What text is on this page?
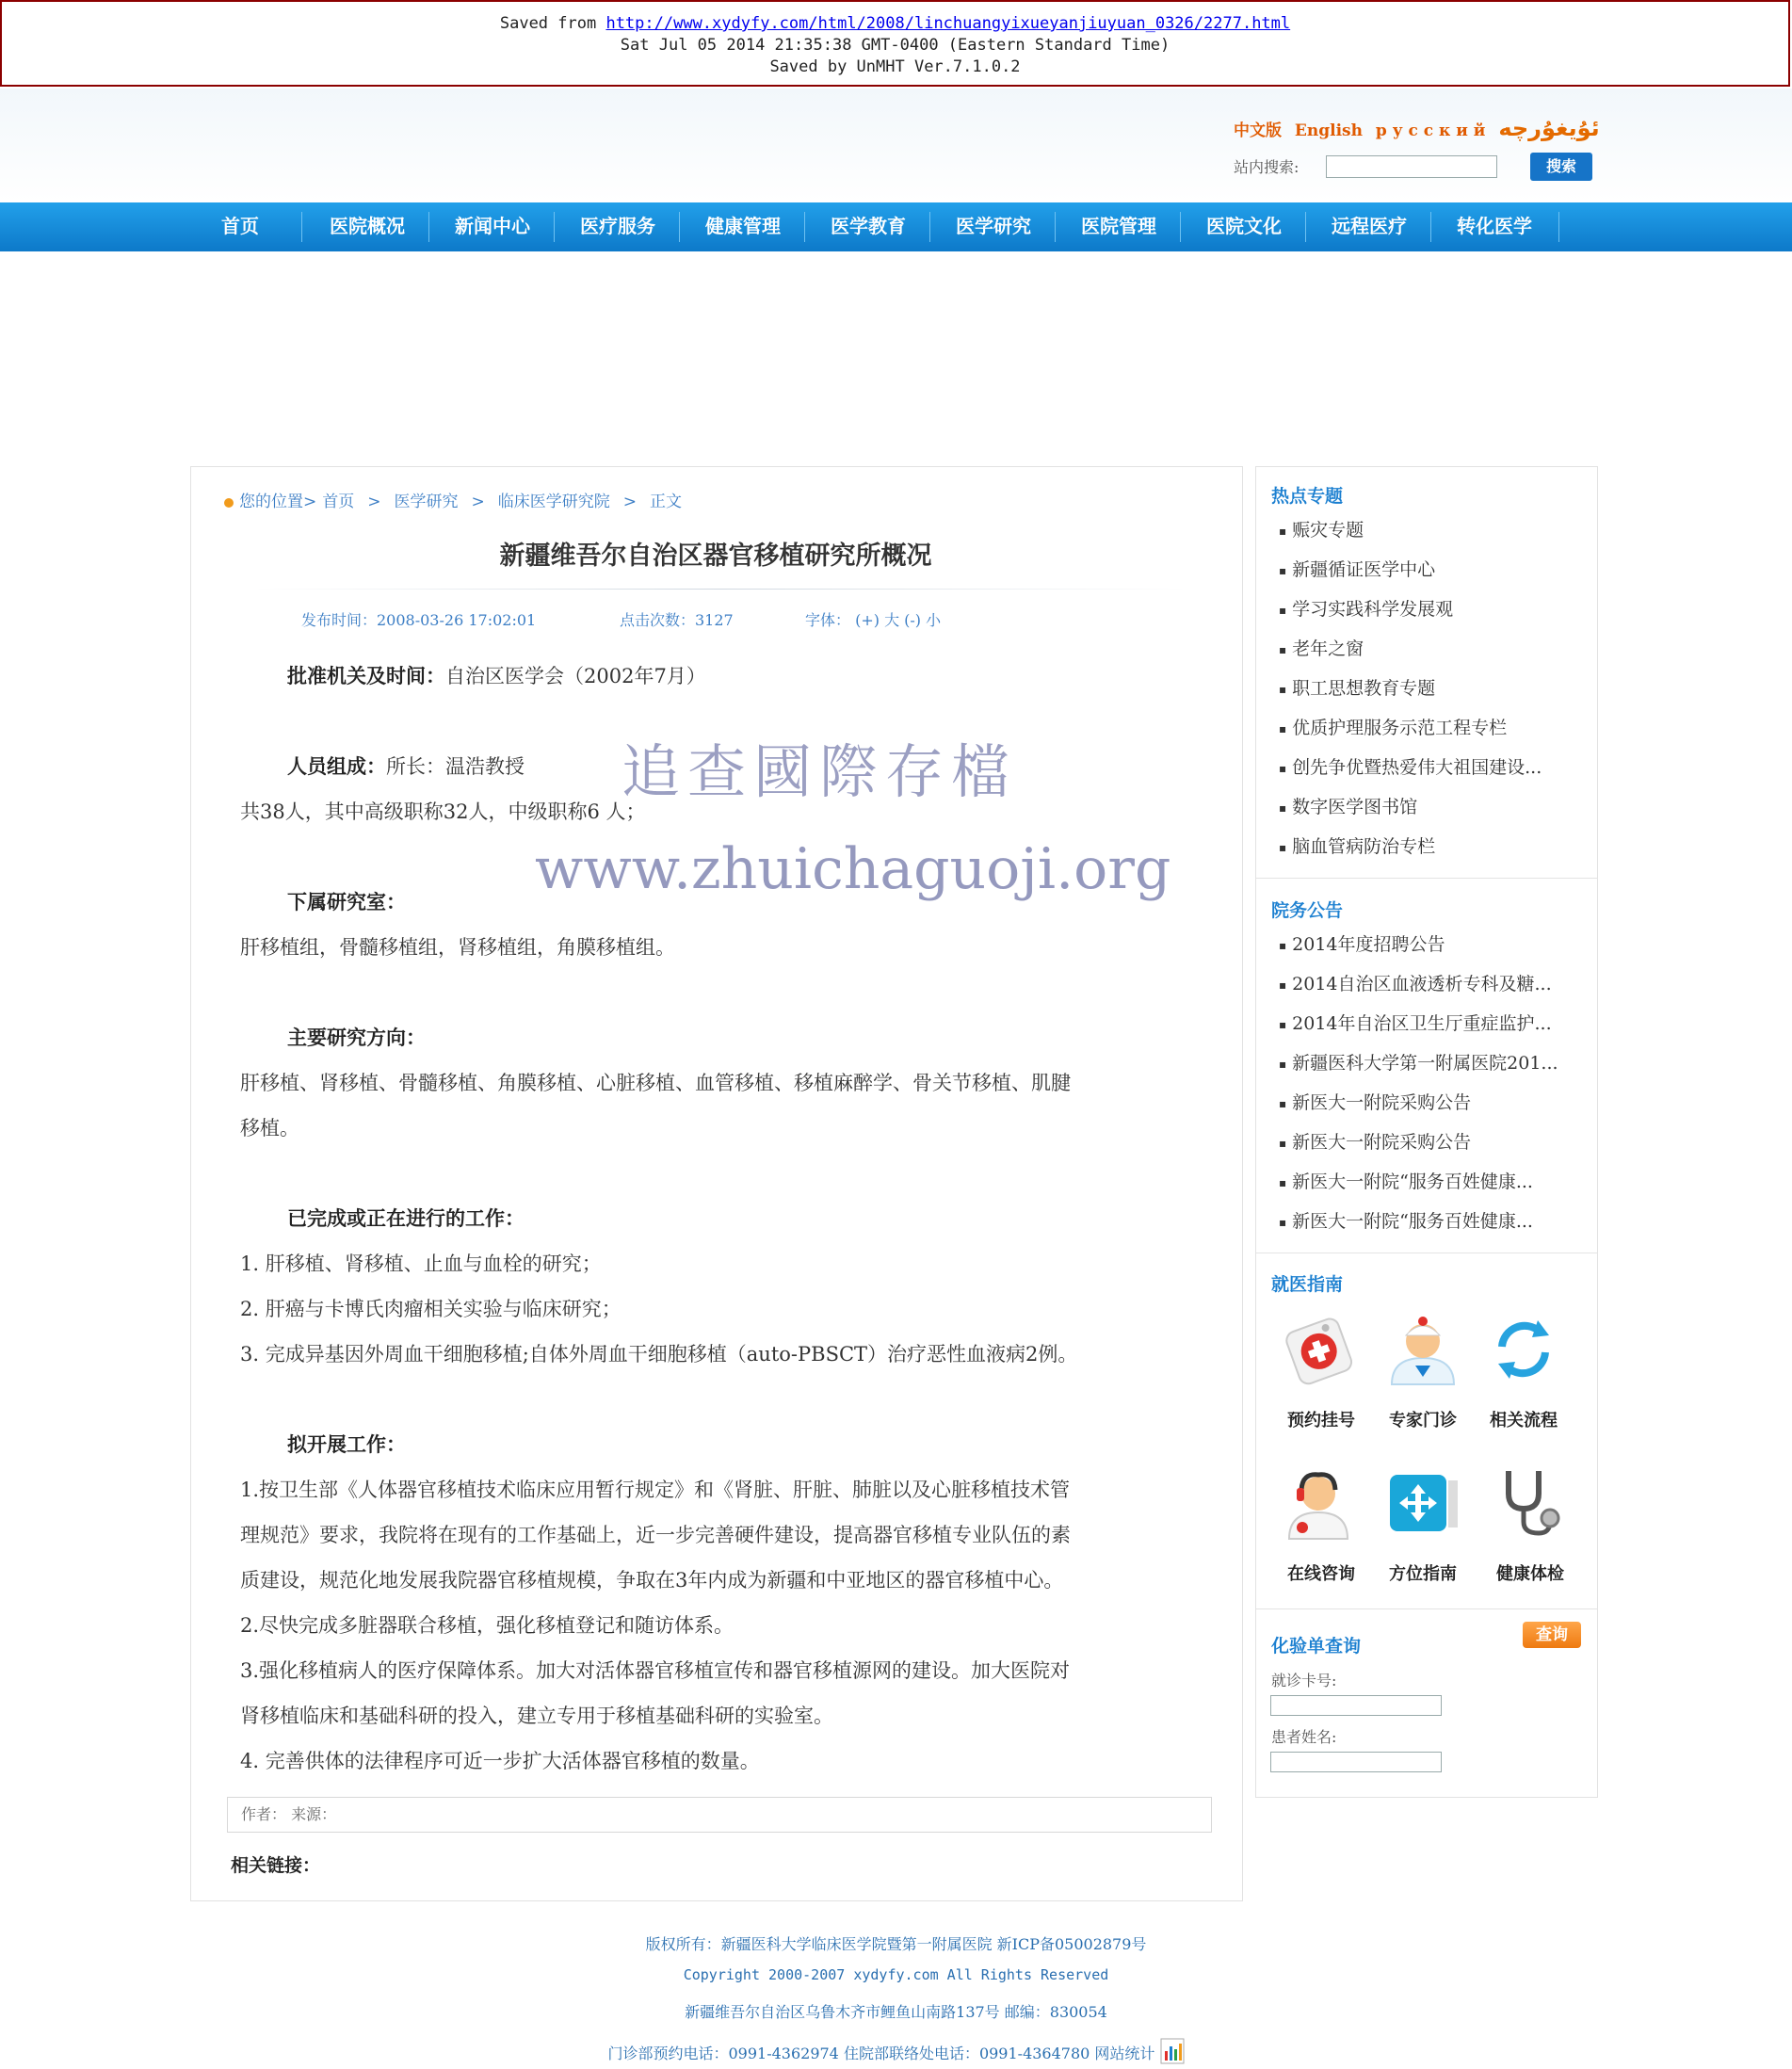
Saved from http://www.xydyfy.com/html/2008/linchuangyixueyanjiuyuan_0326/2277.html
Sat Jul 05 2014 21:35:38 GMT-0400 (Eastern Standard Time)
Saved by UnMHT Ver.7.1.0.2
中文版 English р у с с к и й ئۇيغۇرچە
站内搜索:	搜索
首页	医院概况	新闻中心	医疗服务	健康管理	医学教育	医学研究	医院管理	医院文化	远程医疗	转化医学
您的位置> 首页 > 医学研究 > 临床医学研究院 > 正文
新疆维吾尔自治区器官移植研究所概况
发布时间：2008-03-26 17:02:01	点击次数：3127	字体： (+) 大 (-) 小
批准机关及时间：自治区医学会（2002年7月）
人员组成：所长：温浩教授
共38人，其中高级职称32人，中级职称6 人；
下属研究室：
肝移植组，骨髓移植组，肾移植组，角膜移植组。
主要研究方向：
肝移植、肾移植、骨髓移植、角膜移植、心脏移植、血管移植、移植麻醉学、骨关节移植、肌腱
移植。
已完成或正在进行的工作：
1. 肝移植、肾移植、止血与血栓的研究；
2. 肝癌与卡博氏肉瘤相关实验与临床研究；
3. 完成异基因外周血干细胞移植;自体外周血干细胞移植（auto-PBSCT）治疗恶性血液病2例。
拟开展工作：
1.按卫生部《人体器官移植技术临床应用暂行规定》和《肾脏、肝脏、肺脏以及心脏移植技术管
理规范》要求，我院将在现有的工作基础上，近一步完善硬件建设，提高器官移植专业队伍的素
质建设，规范化地发展我院器官移植规模，争取在3年内成为新疆和中亚地区的器官移植中心。
2.尽快完成多脏器联合移植，强化移植登记和随访体系。
3.强化移植病人的医疗保障体系。加大对活体器官移植宣传和器官移植源网的建设。加大医院对
肾移植临床和基础科研的投入，建立专用于移植基础科研的实验室。
4. 完善供体的法律程序可近一步扩大活体器官移植的数量。
追查國際存檔
www.zhuichaguoji.org
作者： 来源：
相关链接：
热点专题
▪ 赈灾专题
▪ 新疆循证医学中心
▪ 学习实践科学发展观
▪ 老年之窗
▪ 职工思想教育专题
▪ 优质护理服务示范工程专栏
▪ 创先争优暨热爱伟大祖国建设...
▪ 数字医学图书馆
▪ 脑血管病防治专栏
院务公告
▪ 2014年度招聘公告
▪ 2014自治区血液透析专科及糖...
▪ 2014年自治区卫生厅重症监护...
▪ 新疆医科大学第一附属医院201...
▪ 新医大一附院采购公告
▪ 新医大一附院采购公告
▪ 新医大一附院“服务百姓健康...
▪ 新医大一附院“服务百姓健康...
就医指南
预约挂号	专家门诊	相关流程
在线咨询	方位指南	健康体检
化验单查询
查询
就诊卡号:
患者姓名:
版权所有：新疆医科大学临床医学院暨第一附属医院 新ICP备05002879号
Copyright 2000-2007 xydyfy.com All Rights Reserved
新疆维吾尔自治区乌鲁木齐市鲤鱼山南路137号 邮编：830054
门诊部预约电话：0991-4362974 住院部联络处电话：0991-4364780 网站统计
